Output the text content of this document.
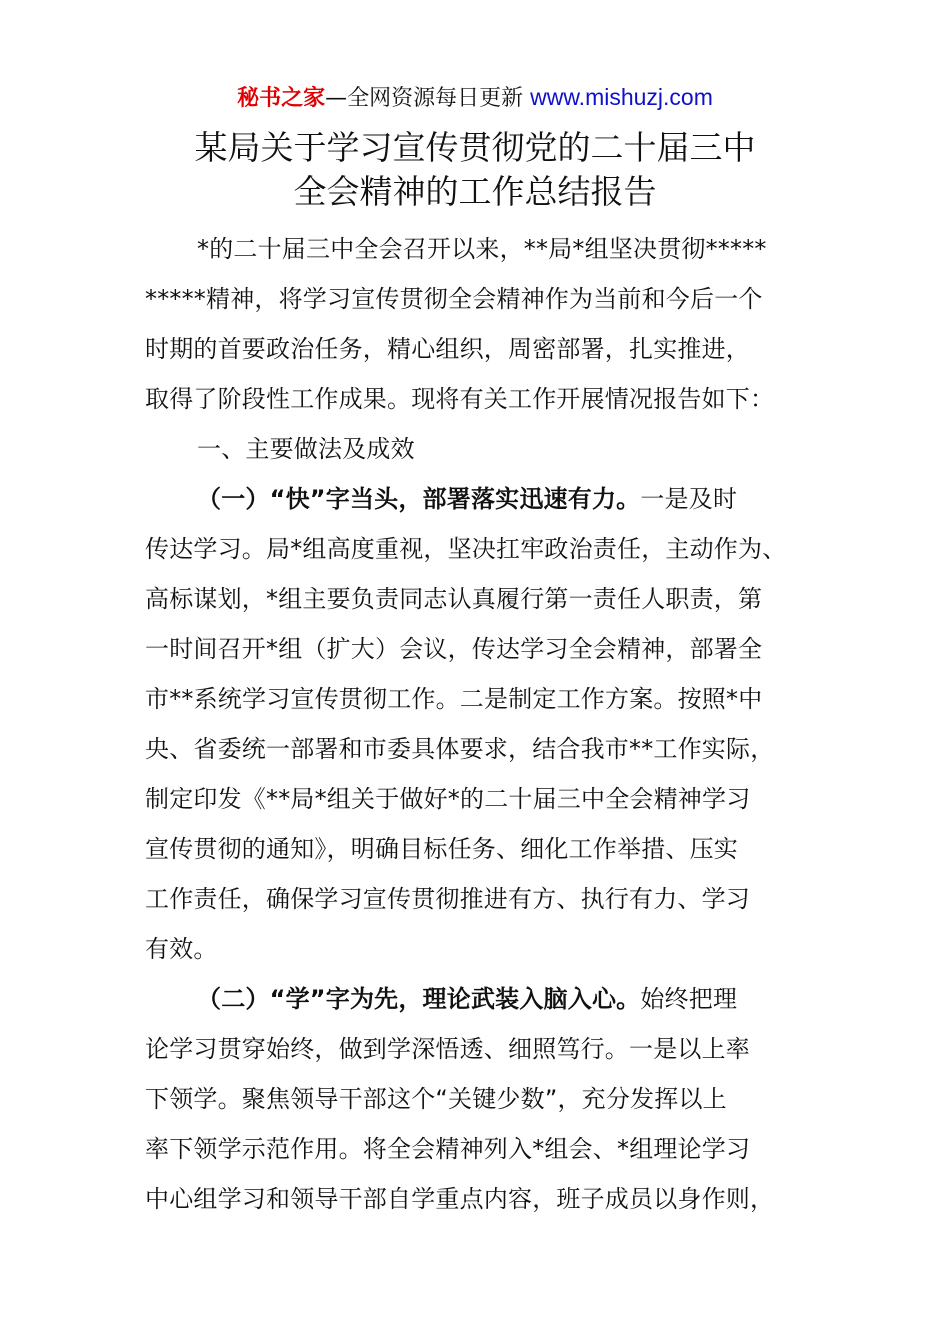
秘书之家—全网资源每日更新 www.mishuzj.com
某局关于学习宣传贯彻党的二十届三中
全会精神的工作总结报告

*的二十届三中全会召开以来，**局*组坚决贯彻*****
*****精神，将学习宣传贯彻全会精神作为当前和今后一个
时期的首要政治任务，精心组织，周密部署，扎实推进，
取得了阶段性工作成果。现将有关工作开展情况报告如下：

一、主要做法及成效

（一）“快”字当头，部署落实迅速有力。一是及时
传达学习。局*组高度重视，坚决扛牢政治责任，主动作为、
高标谋划，*组主要负责同志认真履行第一责任人职责，第
一时间召开*组（扩大）会议，传达学习全会精神，部署全
市**系统学习宣传贯彻工作。二是制定工作方案。按照*中
央、省委统一部署和市委具体要求，结合我市**工作实际，
制定印发《**局*组关于做好*的二十届三中全会精神学习
宣传贯彻的通知》，明确目标任务、细化工作举措、压实
工作责任，确保学习宣传贯彻推进有方、执行有力、学习
有效。

（二）“学”字为先，理论武装入脑入心。始终把理
论学习贯穿始终，做到学深悟透、细照笃行。一是以上率
下领学。聚焦领导干部这个“关键少数”，充分发挥以上
率下领学示范作用。将全会精神列入*组会、*组理论学习
中心组学习和领导干部自学重点内容，班子成员以身作则，
